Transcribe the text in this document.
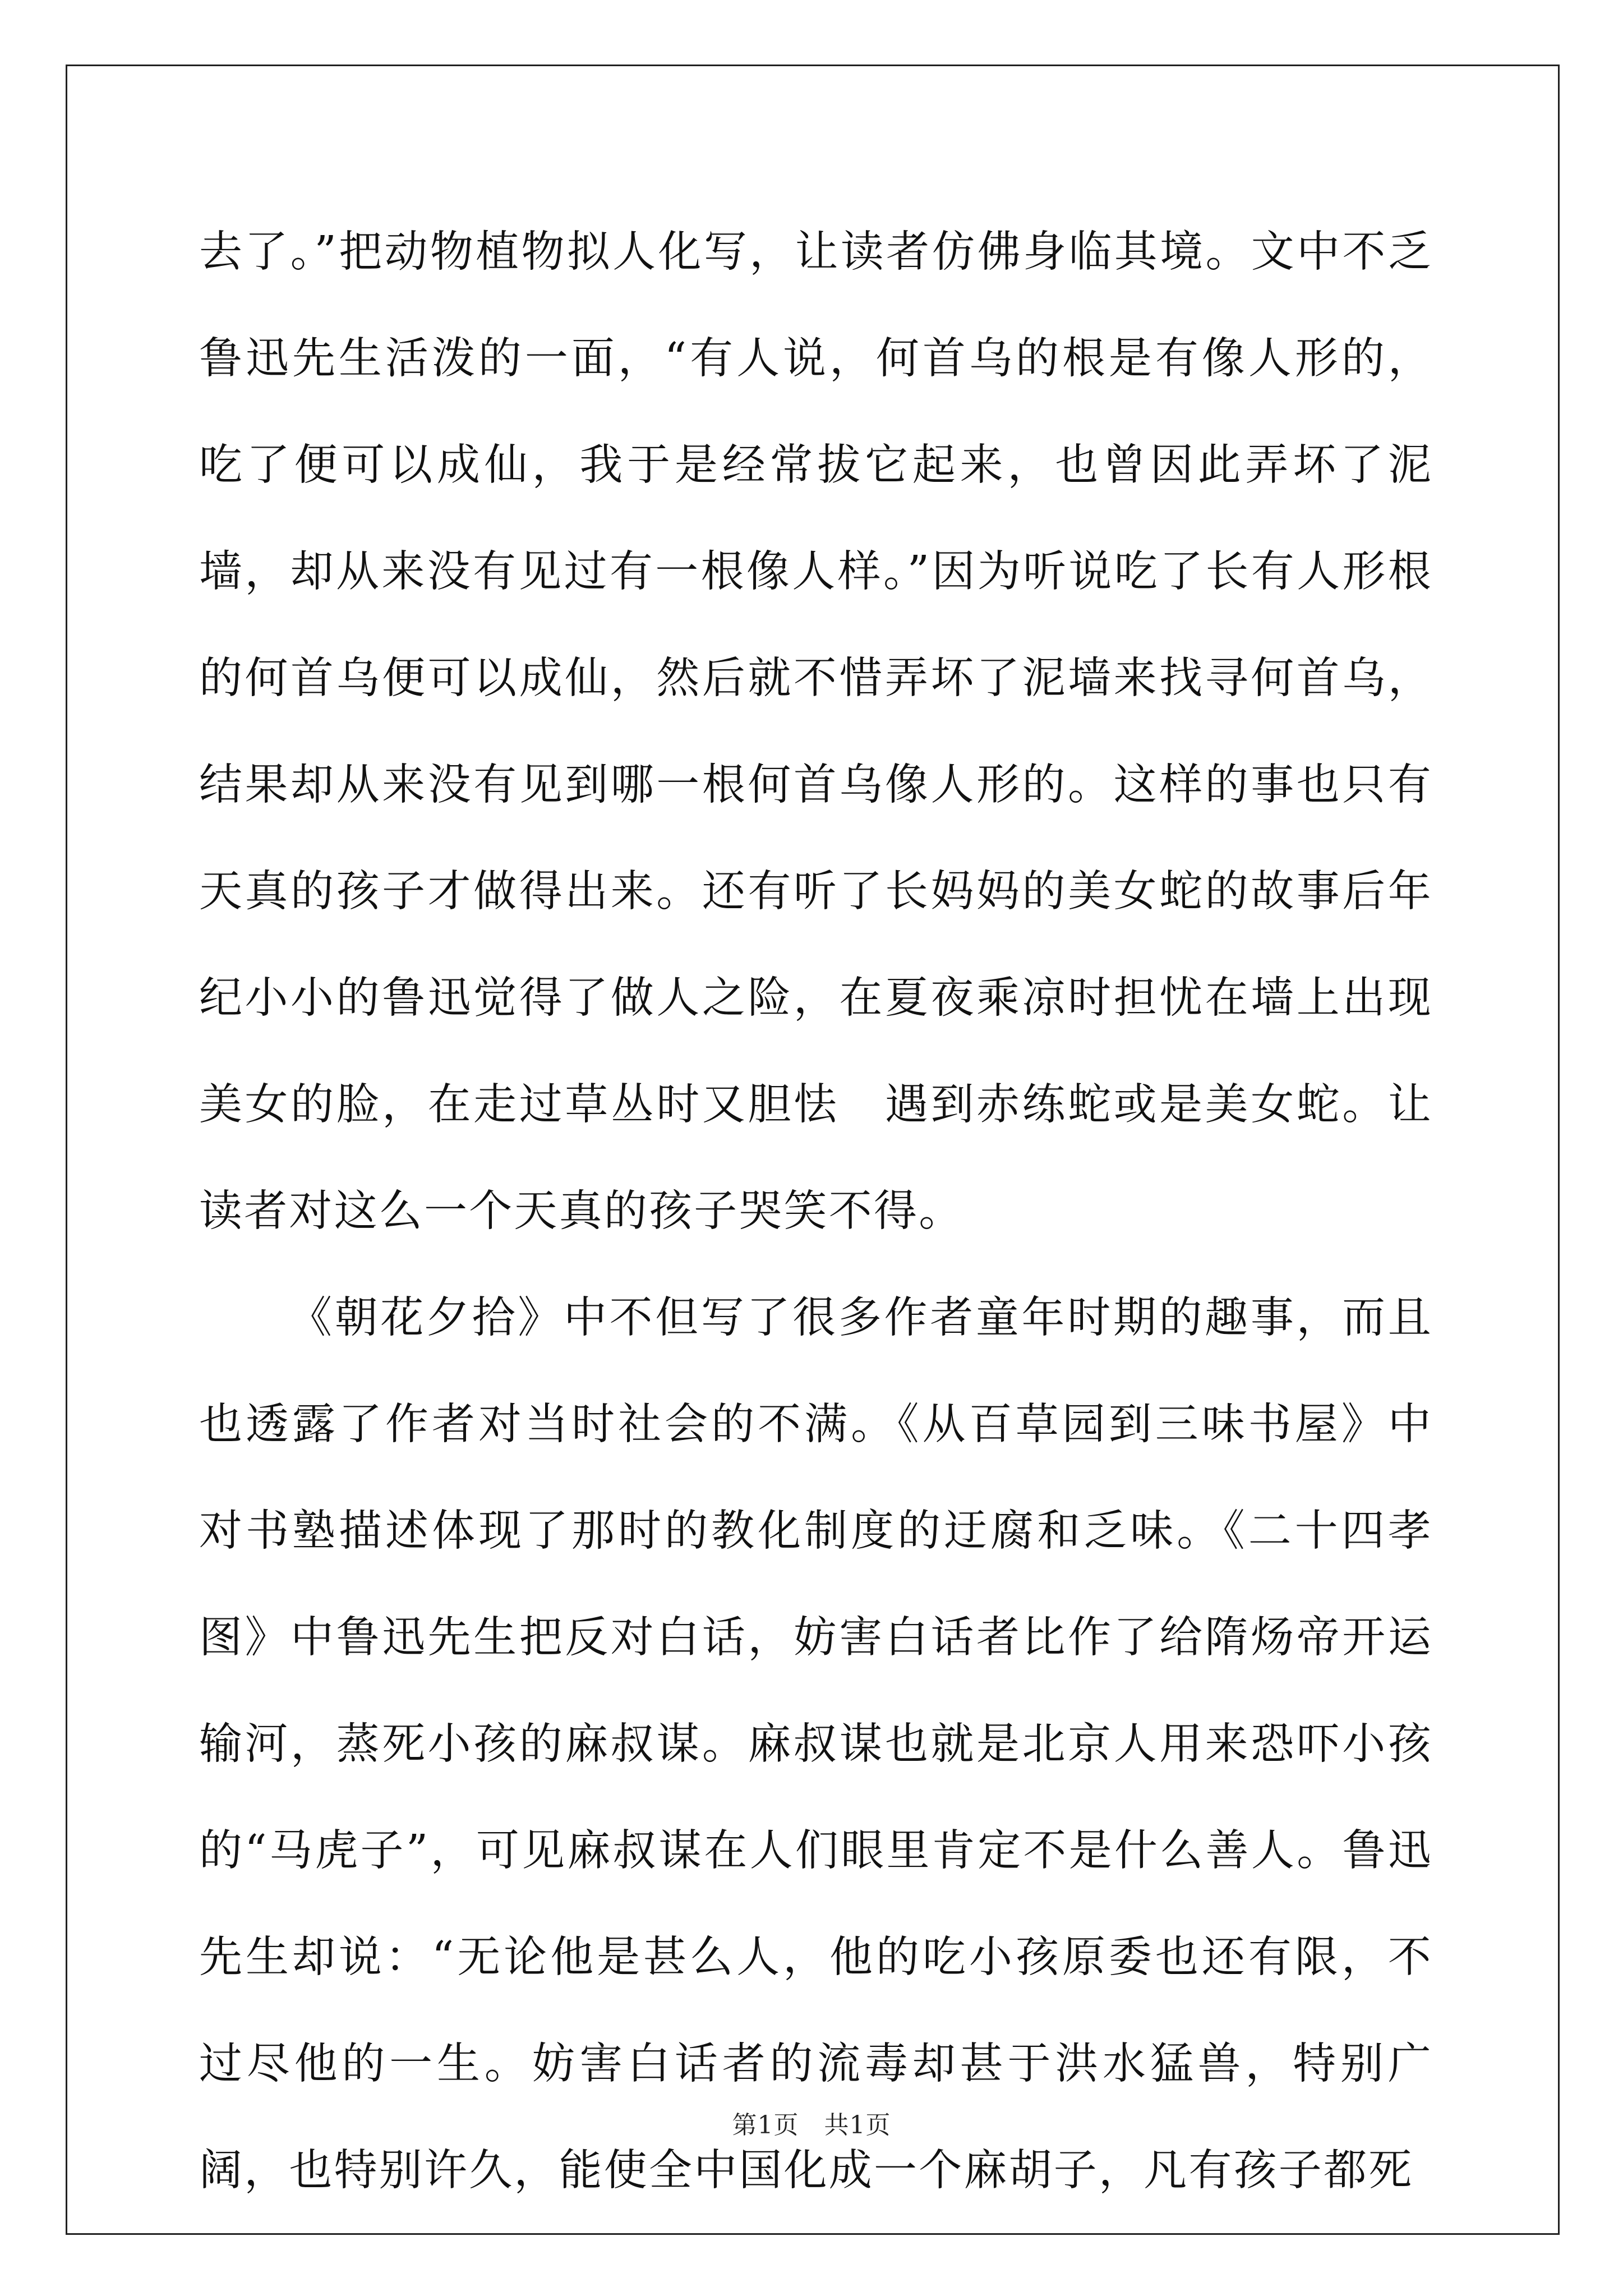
去了。”把动物植物拟人化写，让读者仿佛身临其境。文中不乏鲁迅先生活泼的一面，“有人说，何首乌的根是有像人形的，吃了便可以成仙，我于是经常拔它起来，也曾因此弄坏了泥墙，却从来没有见过有一根像人样。”因为听说吃了长有人形根的何首乌便可以成仙，然后就不惜弄坏了泥墙来找寻何首乌，结果却从来没有见到哪一根何首乌像人形的。这样的事也只有天真的孩子才做得出来。还有听了长妈妈的美女蛇的故事后年纪小小的鲁迅觉得了做人之险，在夏夜乘凉时担忧在墙上出现美女的脸，在走过草丛时又胆怯　遇到赤练蛇或是美女蛇。让读者对这么一个天真的孩子哭笑不得。

《朝花夕拾》中不但写了很多作者童年时期的趣事，而且也透露了作者对当时社会的不满。《从百草园到三味书屋》中对书塾描述体现了那时的教化制度的迂腐和乏味。《二十四孝图》中鲁迅先生把反对白话，妨害白话者比作了给隋炀帝开运输河，蒸死小孩的麻叔谋。麻叔谋也就是北京人用来恐吓小孩的“马虎子”，可见麻叔谋在人们眼里肯定不是什么善人。鲁迅先生却说：“无论他是甚么人，他的吃小孩原委也还有限，不过尽他的一生。妨害白话者的流毒却甚于洪水猛兽，特别广阔，也特别许久，能使全中国化成一个麻胡子，凡有孩子都死

第1页　共1页
